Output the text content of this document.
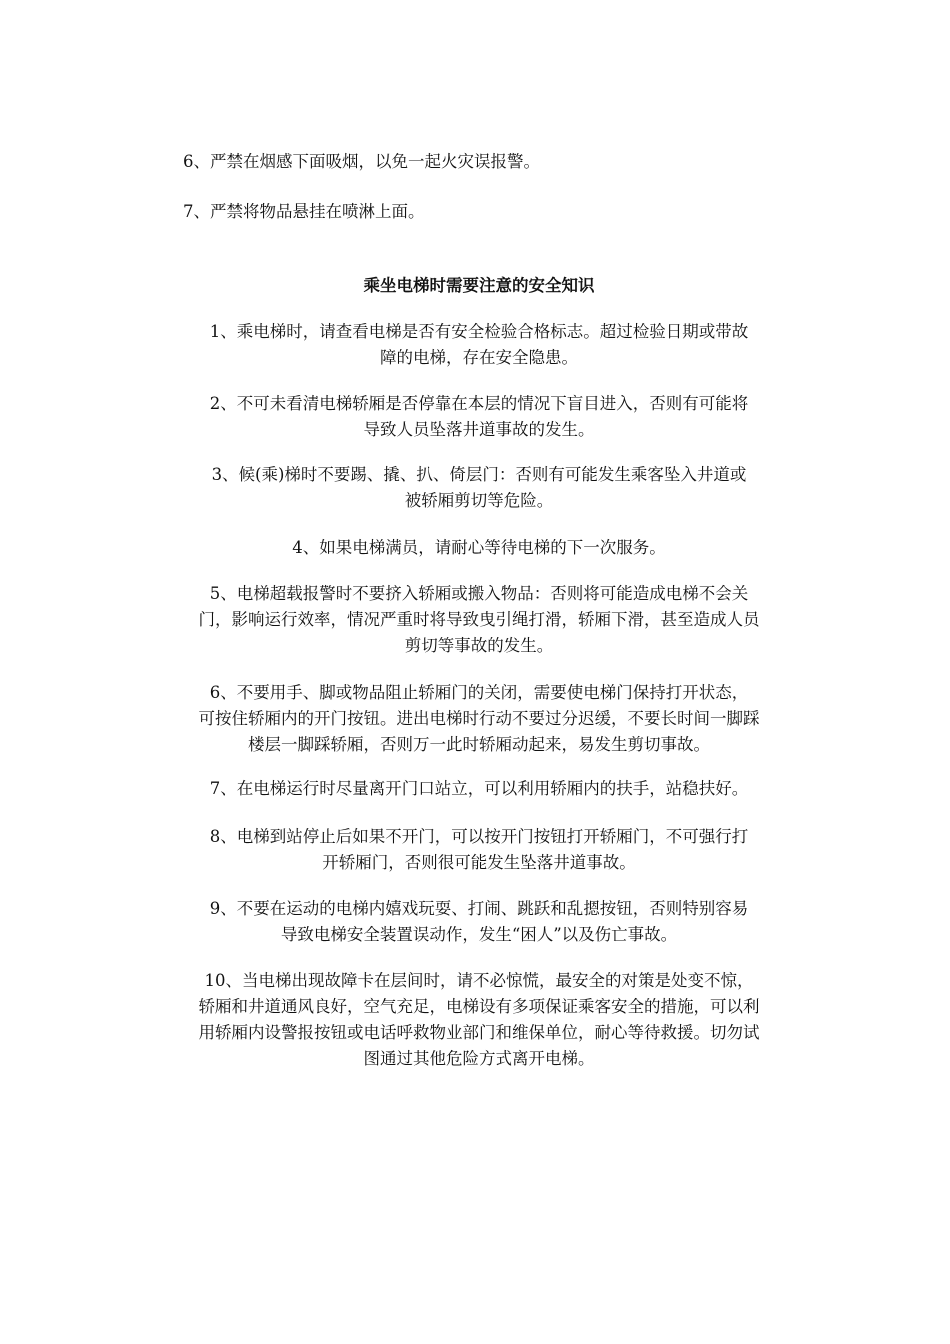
6、严禁在烟感下面吸烟，以免一起火灾误报警。
7、严禁将物品悬挂在喷淋上面。
乘坐电梯时需要注意的安全知识
1、乘电梯时，请查看电梯是否有安全检验合格标志。超过检验日期或带故
障的电梯，存在安全隐患。
2、不可未看清电梯轿厢是否停靠在本层的情况下盲目进入，否则有可能将
导致人员坠落井道事故的发生。
3、候(乘)梯时不要踢、撬、扒、倚层门：否则有可能发生乘客坠入井道或
被轿厢剪切等危险。
4、如果电梯满员，请耐心等待电梯的下一次服务。
5、电梯超载报警时不要挤入轿厢或搬入物品：否则将可能造成电梯不会关
门，影响运行效率，情况严重时将导致曳引绳打滑，轿厢下滑，甚至造成人员
剪切等事故的发生。
6、不要用手、脚或物品阻止轿厢门的关闭，需要使电梯门保持打开状态，
可按住轿厢内的开门按钮。进出电梯时行动不要过分迟缓，不要长时间一脚踩
楼层一脚踩轿厢，否则万一此时轿厢动起来，易发生剪切事故。
7、在电梯运行时尽量离开门口站立，可以利用轿厢内的扶手，站稳扶好。
8、电梯到站停止后如果不开门，可以按开门按钮打开轿厢门，不可强行打
开轿厢门，否则很可能发生坠落井道事故。
9、不要在运动的电梯内嬉戏玩耍、打闹、跳跃和乱摁按钮，否则特别容易
导致电梯安全装置误动作，发生“困人”以及伤亡事故。
10、当电梯出现故障卡在层间时，请不必惊慌，最安全的对策是处变不惊，
轿厢和井道通风良好，空气充足，电梯设有多项保证乘客安全的措施，可以利
用轿厢内设警报按钮或电话呼救物业部门和维保单位，耐心等待救援。切勿试
图通过其他危险方式离开电梯。
